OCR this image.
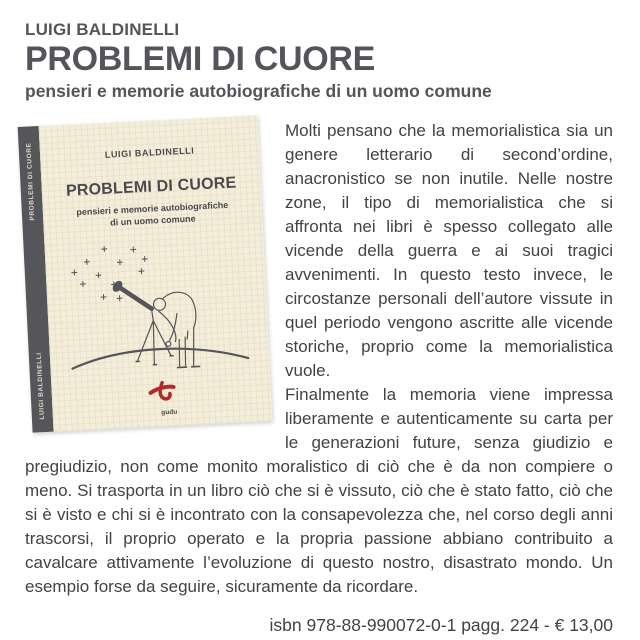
LUIGI BALDINELLI
PROBLEMI DI CUORE
pensieri e memorie autobiografiche di un uomo comune
PROBLEMI DI CUORE
LUIGI BALDINELLI
LUIGI BALDINELLI
PROBLEMI DI CUORE
pensieri e memorie autobiografiche
di un uomo comune
gudu

Molti pensano che la memorialistica sia un genere letterario di second’ordine, anacronistico se non inutile. Nelle nostre zone, il tipo di memorialistica che si affronta nei libri è spesso collegato alle vicende della guerra e ai suoi tragici avvenimenti. In questo testo invece, le circostanze personali dell’autore vissute in quel periodo vengono ascritte alle vicende storiche, proprio come la memorialistica vuole.

Finalmente la memoria viene impressa liberamente e autenticamente su carta per le generazioni future, senza giudizio e pregiudizio, non come monito moralistico di ciò che è da non compiere o meno. Si trasporta in un libro ciò che si è vissuto, ciò che è stato fatto, ciò che si è visto e chi si è incontrato con la consapevolezza che, nel corso degli anni trascorsi, il proprio operato e la propria passione abbiano contribuito a cavalcare attivamente l’evoluzione di questo nostro, disastrato mondo. Un esempio forse da seguire, sicuramente da ricordare.

isbn 978-88-990072-0-1 pagg. 224 - € 13,00
